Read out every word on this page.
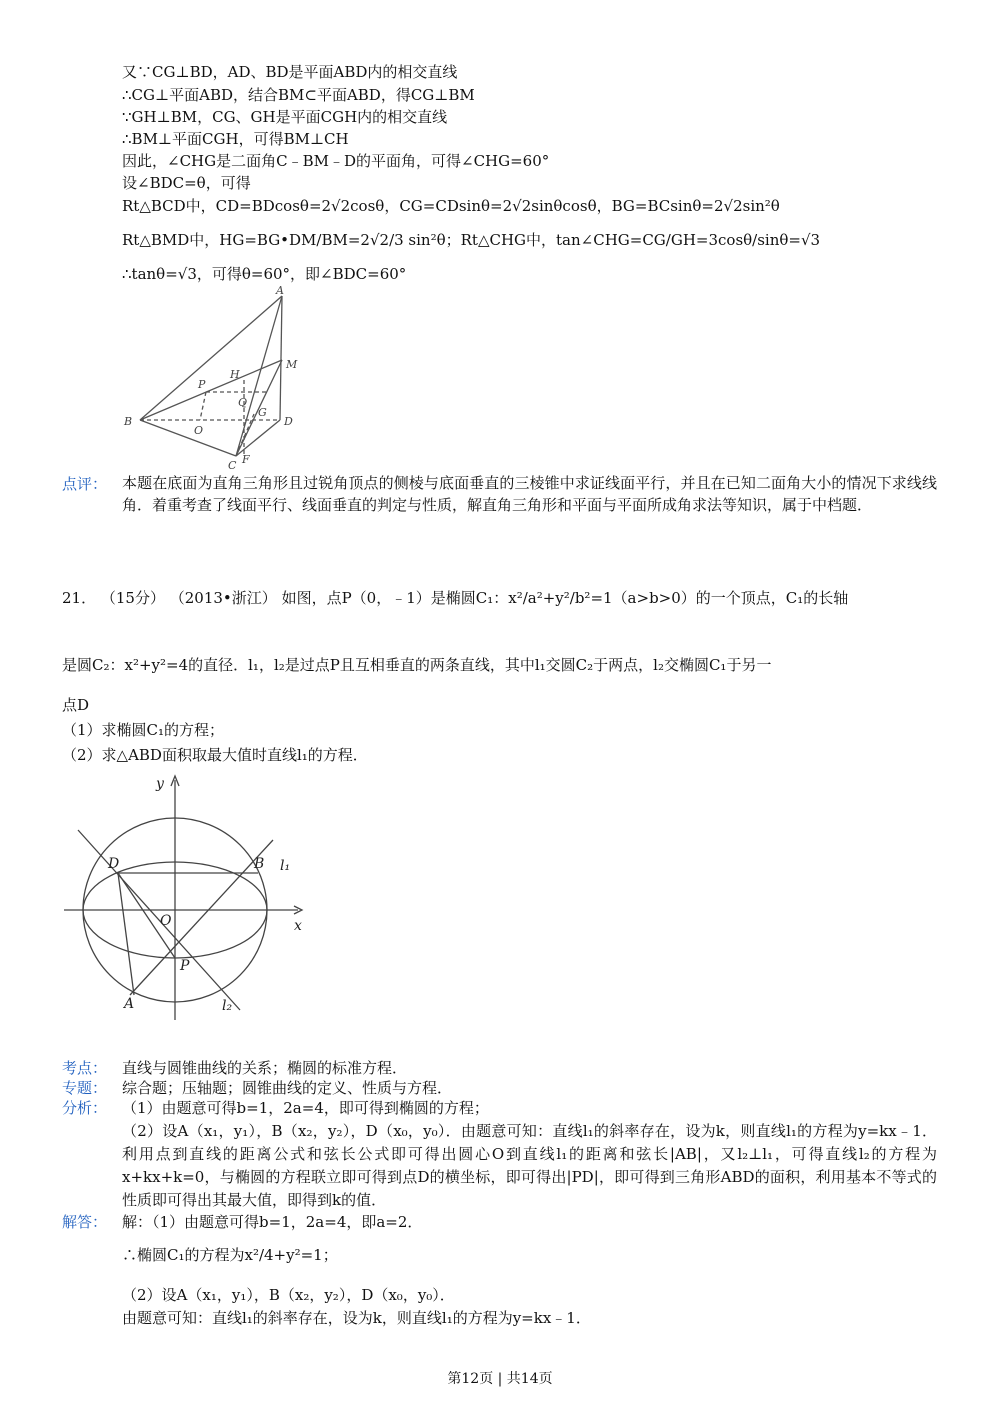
又∵CG⊥BD，AD、BD是平面ABD内的相交直线
∴CG⊥平面ABD，结合BM⊂平面ABD，得CG⊥BM
∵GH⊥BM，CG、GH是平面CGH内的相交直线
∴BM⊥平面CGH，可得BM⊥CH
因此，∠CHG是二面角C﹣BM﹣D的平面角，可得∠CHG=60°
设∠BDC=θ，可得
Rt△BCD中，CD=BDcosθ=2√2cosθ，CG=CDsinθ=2√2sinθcosθ，BG=BCsinθ=2√2sin²θ
Rt△BMD中，HG=BG•DM/BM=2√2/3 sin²θ；Rt△CHG中，tan∠CHG=CG/GH=3cosθ/sinθ=√3
∴tanθ=√3，可得θ=60°，即∠BDC=60°
A
M
H
P
Q
B
O
G
D
C F
点评： 本题在底面为直角三角形且过锐角顶点的侧棱与底面垂直的三棱锥中求证线面平行，并且在已知二面角大小的情况下求线线角．着重考查了线面平行、线面垂直的判定与性质，解直角三角形和平面与平面所成角求法等知识，属于中档题．
21． （15分） （2013•浙江） 如图，点P（0，﹣1）是椭圆C₁：x²/a²+y²/b²=1（a>b>0）的一个顶点，C₁的长轴
是圆C₂：x²+y²=4的直径．l₁，l₂是过点P且互相垂直的两条直线，其中l₁交圆C₂于两点，l₂交椭圆C₁于另一
点D
（1）求椭圆C₁的方程；
（2）求△ABD面积取最大值时直线l₁的方程．
y
x
O
P
D	B
A
l₁
l₂
考点： 直线与圆锥曲线的关系；椭圆的标准方程．
专题： 综合题；压轴题；圆锥曲线的定义、性质与方程．
分析： （1）由题意可得b=1，2a=4，即可得到椭圆的方程；
（2）设A（x₁，y₁），B（x₂，y₂），D（x₀，y₀）．由题意可知：直线l₁的斜率存在，设为k，则直线l₁的方程为y=kx﹣1．利用点到直线的距离公式和弦长公式即可得出圆心O到直线l₁的距离和弦长|AB|，又l₂⊥l₁，可得直线l₂的方程为x+kx+k=0，与椭圆的方程联立即可得到点D的横坐标，即可得出|PD|，即可得到三角形ABD的面积，利用基本不等式的性质即可得出其最大值，即得到k的值．
解答： 解：（1）由题意可得b=1，2a=4，即a=2．
∴椭圆C₁的方程为x²/4+y²=1；
（2）设A（x₁，y₁），B（x₂，y₂），D（x₀，y₀）．
由题意可知：直线l₁的斜率存在，设为k，则直线l₁的方程为y=kx﹣1．
第12页 | 共14页
